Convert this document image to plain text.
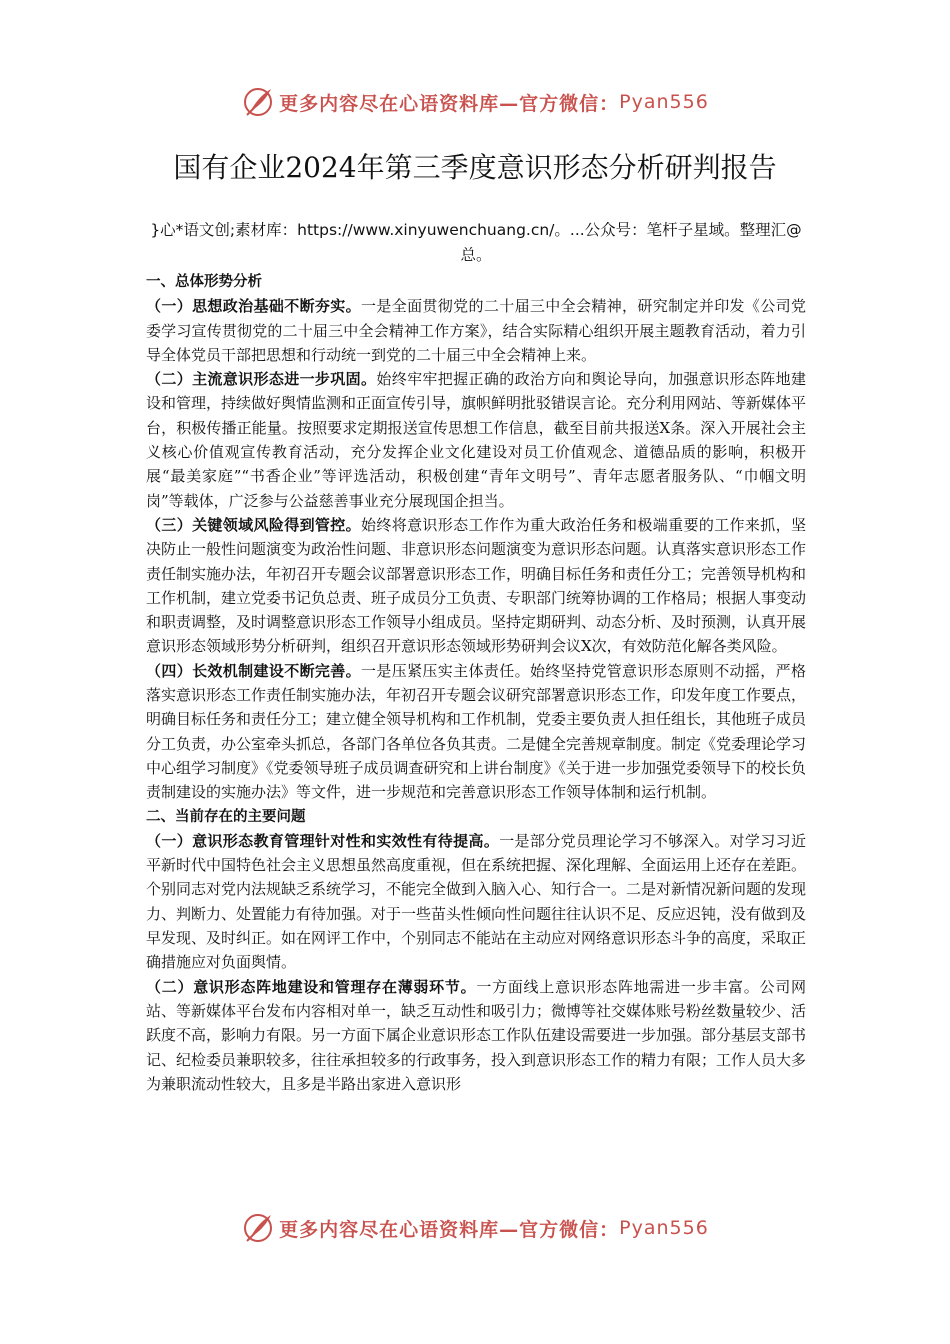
更多内容尽在心语资料库—官方微信： Pyan556
国有企业2024年第三季度意识形态分析研判报告
}心*语文创;素材库：https://www.xinyuwenchuang.cn/。...公众号：笔杆子星域。整理汇@总。

一、总体形势分析

（一）思想政治基础不断夯实。一是全面贯彻党的二十届三中全会精神，研究制定并印发《公司党委学习宣传贯彻党的二十届三中全会精神工作方案》，结合实际精心组织开展主题教育活动，着力引导全体党员干部把思想和行动统一到党的二十届三中全会精神上来。

（二）主流意识形态进一步巩固。始终牢牢把握正确的政治方向和舆论导向，加强意识形态阵地建设和管理，持续做好舆情监测和正面宣传引导，旗帜鲜明批驳错误言论。充分利用网站、等新媒体平台，积极传播正能量。按照要求定期报送宣传思想工作信息，截至目前共报送X条。深入开展社会主义核心价值观宣传教育活动，充分发挥企业文化建设对员工价值观念、道德品质的影响，积极开展“最美家庭”“书香企业”等评选活动，积极创建“青年文明号”、青年志愿者服务队、“巾帼文明岗”等载体，广泛参与公益慈善事业充分展现国企担当。

（三）关键领域风险得到管控。始终将意识形态工作作为重大政治任务和极端重要的工作来抓，坚决防止一般性问题演变为政治性问题、非意识形态问题演变为意识形态问题。认真落实意识形态工作责任制实施办法，年初召开专题会议部署意识形态工作，明确目标任务和责任分工；完善领导机构和工作机制，建立党委书记负总责、班子成员分工负责、专职部门统筹协调的工作格局；根据人事变动和职责调整，及时调整意识形态工作领导小组成员。坚持定期研判、动态分析、及时预测，认真开展意识形态领域形势分析研判，组织召开意识形态领域形势研判会议X次，有效防范化解各类风险。

（四）长效机制建设不断完善。一是压紧压实主体责任。始终坚持党管意识形态原则不动摇，严格落实意识形态工作责任制实施办法，年初召开专题会议研究部署意识形态工作，印发年度工作要点，明确目标任务和责任分工；建立健全领导机构和工作机制，党委主要负责人担任组长，其他班子成员分工负责，办公室牵头抓总，各部门各单位各负其责。二是健全完善规章制度。制定《党委理论学习中心组学习制度》《党委领导班子成员调查研究和上讲台制度》《关于进一步加强党委领导下的校长负责制建设的实施办法》等文件，进一步规范和完善意识形态工作领导体制和运行机制。

二、当前存在的主要问题

（一）意识形态教育管理针对性和实效性有待提高。一是部分党员理论学习不够深入。对学习习近平新时代中国特色社会主义思想虽然高度重视，但在系统把握、深化理解、全面运用上还存在差距。个别同志对党内法规缺乏系统学习，不能完全做到入脑入心、知行合一。二是对新情况新问题的发现力、判断力、处置能力有待加强。对于一些苗头性倾向性问题往往认识不足、反应迟钝，没有做到及早发现、及时纠正。如在网评工作中，个别同志不能站在主动应对网络意识形态斗争的高度，采取正确措施应对负面舆情。

（二）意识形态阵地建设和管理存在薄弱环节。一方面线上意识形态阵地需进一步丰富。公司网站、等新媒体平台发布内容相对单一，缺乏互动性和吸引力；微博等社交媒体账号粉丝数量较少、活跃度不高，影响力有限。另一方面下属企业意识形态工作队伍建设需要进一步加强。部分基层支部书记、纪检委员兼职较多，往往承担较多的行政事务，投入到意识形态工作的精力有限；工作人员大多为兼职流动性较大，且多是半路出家进入意识形

更多内容尽在心语资料库—官方微信： Pyan556
